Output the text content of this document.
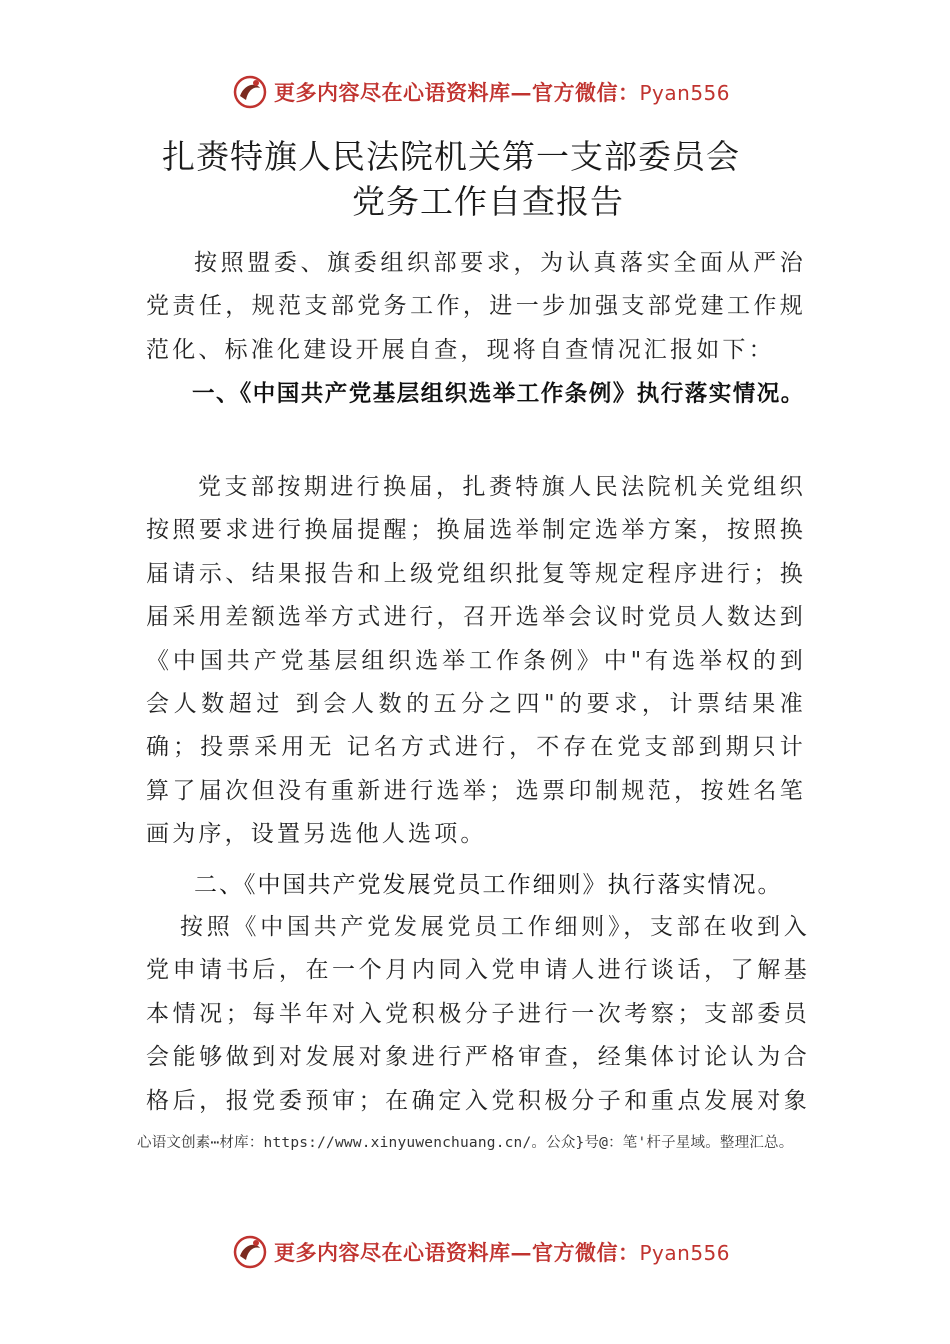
更多内容尽在心语资料库—官方微信：Pyan556
扎赉特旗人民法院机关第一支部委员会
党务工作自查报告
按照盟委、旗委组织部要求，为认真落实全面从严治党责任，规范支部党务工作，进一步加强支部党建工作规范化、标准化建设开展自查，现将自查情况汇报如下：
一、《中国共产党基层组织选举工作条例》执行落实情况。
党支部按期进行换届，扎赉特旗人民法院机关党组织按照要求进行换届提醒；换届选举制定选举方案，按照换届请示、结果报告和上级党组织批复等规定程序进行；换届采用差额选举方式进行，召开选举会议时党员人数达到《中国共产党基层组织选举工作条例》中"有选举权的到会人数超过 到会人数的五分之四"的要求，计票结果准确；投票采用无 记名方式进行，不存在党支部到期只计算了届次但没有重新进行选举；选票印制规范，按姓名笔画为序，设置另选他人选项。
二、《中国共产党发展党员工作细则》执行落实情况。
按照《中国共产党发展党员工作细则》，支部在收到入党申请书后，在一个月内同入党申请人进行谈话，了解基本情况；每半年对入党积极分子进行一次考察；支部委员会能够做到对发展对象进行严格审查，经集体讨论认为合格后，报党委预审；在确定入党积极分子和重点发展对象
心语文创素⋯材库：https://www.xinyuwenchuang.cn/。公众}号@：笔'杆子星域。整理汇总。
更多内容尽在心语资料库—官方微信：Pyan556
